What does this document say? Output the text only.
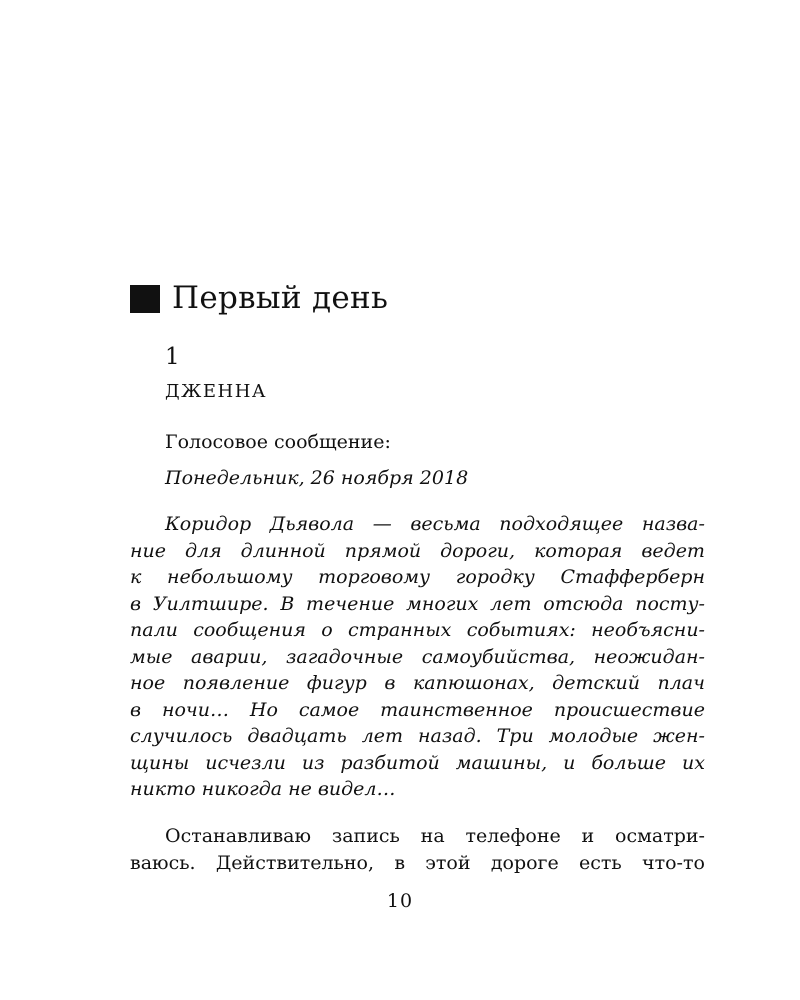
Первый день
1
ДЖЕННА
Голосовое сообщение:
Понедельник, 26 ноября 2018
Коридор Дьявола — весьма подходящее назва-
ние для длинной прямой дороги, которая ведет
к небольшому торговому городку Стафферберн
в Уилтшире. В течение многих лет отсюда посту-
пали сообщения о странных событиях: необъясни-
мые аварии, загадочные самоубийства, неожидан-
ное появление фигур в капюшонах, детский плач
в ночи… Но самое таинственное происшествие
случилось двадцать лет назад. Три молодые жен-
щины исчезли из разбитой машины, и больше их
никто никогда не видел…
Останавливаю запись на телефоне и осматри-
ваюсь. Действительно, в этой дороге есть что-то
10
